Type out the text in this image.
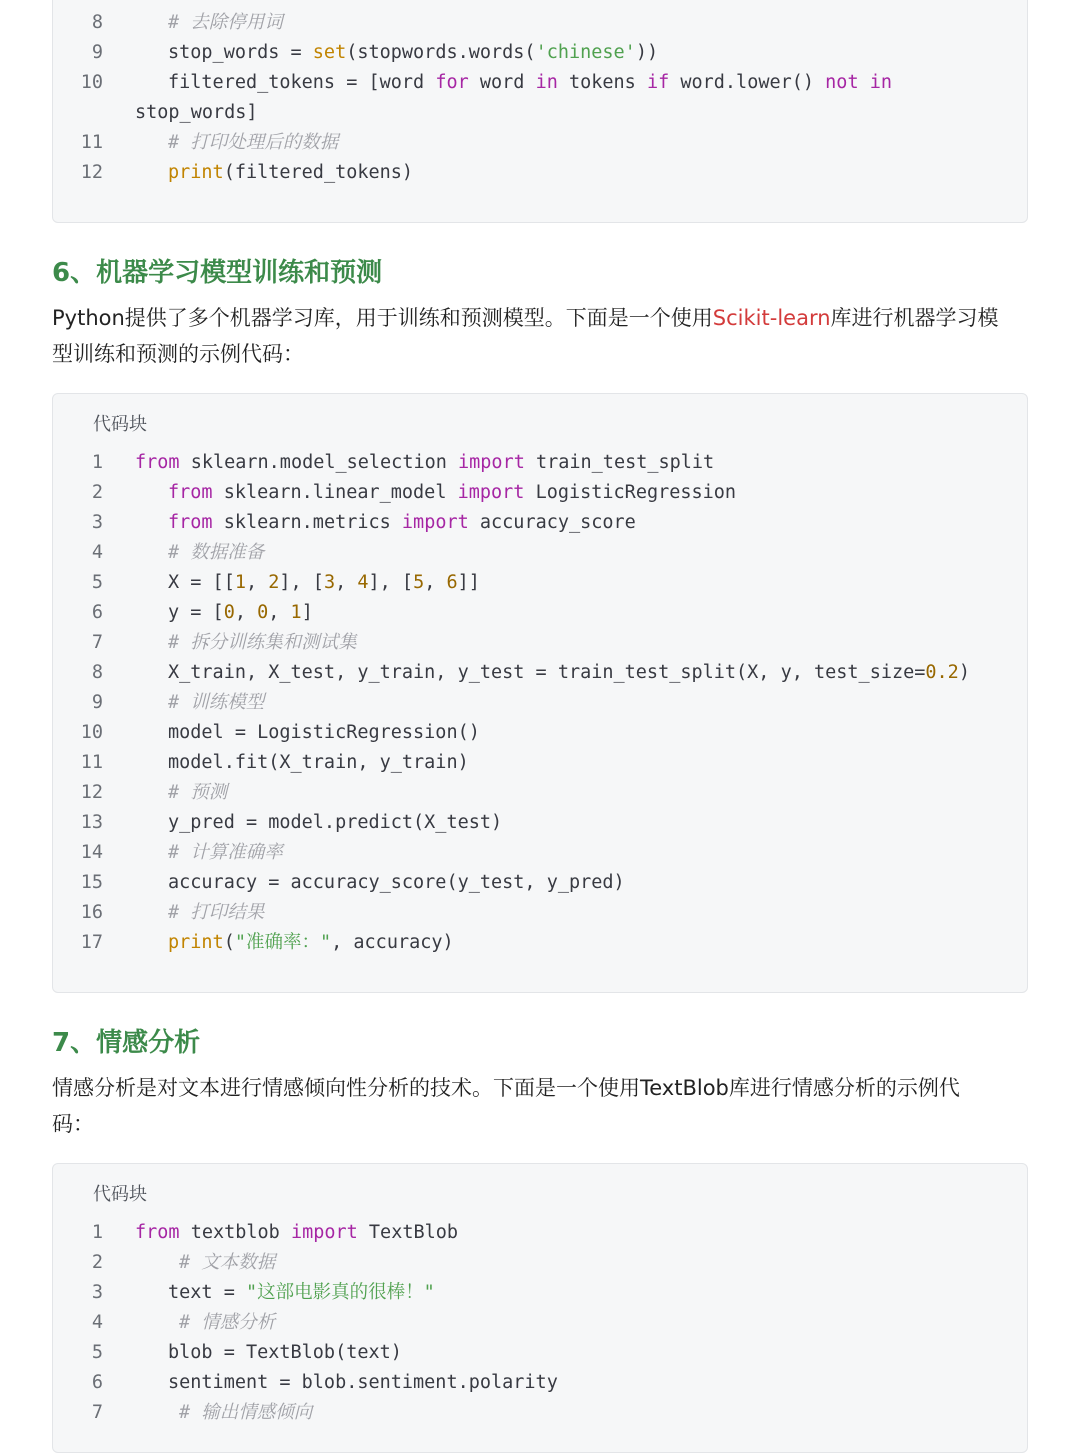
8	# 去除停用词
9	stop_words = set(stopwords.words('chinese'))
10	filtered_tokens = [word for word in tokens if word.lower() not in
stop_words]
11	# 打印处理后的数据
12	print(filtered_tokens)
6、机器学习模型训练和预测
Python提供了多个机器学习库，用于训练和预测模型。下面是一个使用Scikit-learn库进行机器学习模
型训练和预测的示例代码：
代码块
1 from sklearn.model_selection import train_test_split
2	from sklearn.linear_model import LogisticRegression
3	from sklearn.metrics import accuracy_score
4	# 数据准备
5	X = [[1, 2], [3, 4], [5, 6]]
6	y = [0, 0, 1]
7	# 拆分训练集和测试集
8	X_train, X_test, y_train, y_test = train_test_split(X, y, test_size=0.2)
9	# 训练模型
10	model = LogisticRegression()
11	model.fit(X_train, y_train)
12	# 预测
13	y_pred = model.predict(X_test)
14	# 计算准确率
15	accuracy = accuracy_score(y_test, y_pred)
16	# 打印结果
17	print("准确率：", accuracy)
7、情感分析
情感分析是对文本进行情感倾向性分析的技术。下面是一个使用TextBlob库进行情感分析的示例代
码：
代码块
1 from textblob import TextBlob
2	# 文本数据
3	text = "这部电影真的很棒！"
4	# 情感分析
5	blob = TextBlob(text)
6	sentiment = blob.sentiment.polarity
7	# 输出情感倾向
